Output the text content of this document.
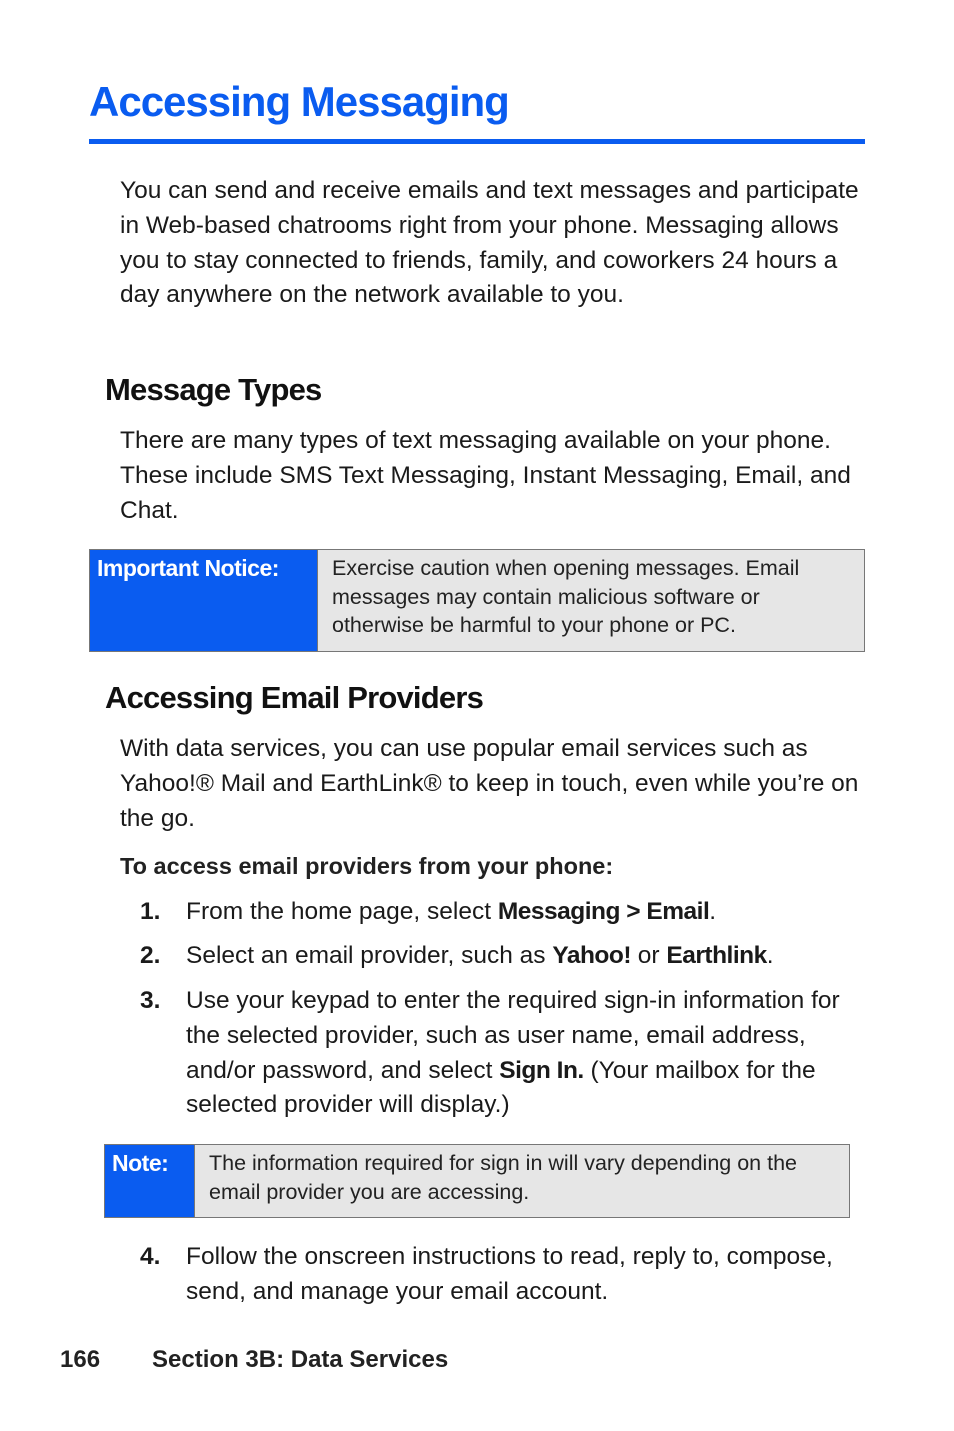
Accessing Messaging

You can send and receive emails and text messages and participate in Web-based chatrooms right from your phone. Messaging allows you to stay connected to friends, family, and coworkers 24 hours a day anywhere on the network available to you.

Message Types

There are many types of text messaging available on your phone. These include SMS Text Messaging, Instant Messaging, Email, and Chat.

Important Notice:	Exercise caution when opening messages. Email messages may contain malicious software or otherwise be harmful to your phone or PC.
Accessing Email Providers

With data services, you can use popular email services such as Yahoo!® Mail and EarthLink® to keep in touch, even while you’re on the go.

To access email providers from your phone:

1. From the home page, select Messaging > Email.
2. Select an email provider, such as Yahoo! or Earthlink.
3. Use your keypad to enter the required sign-in information for the selected provider, such as user name, email address, and/or password, and select Sign In. (Your mailbox for the selected provider will display.)
Note:	The information required for sign in will vary depending on the email provider you are accessing.
4. Follow the onscreen instructions to read, reply to, compose, send, and manage your email account.
166 Section 3B: Data Services
